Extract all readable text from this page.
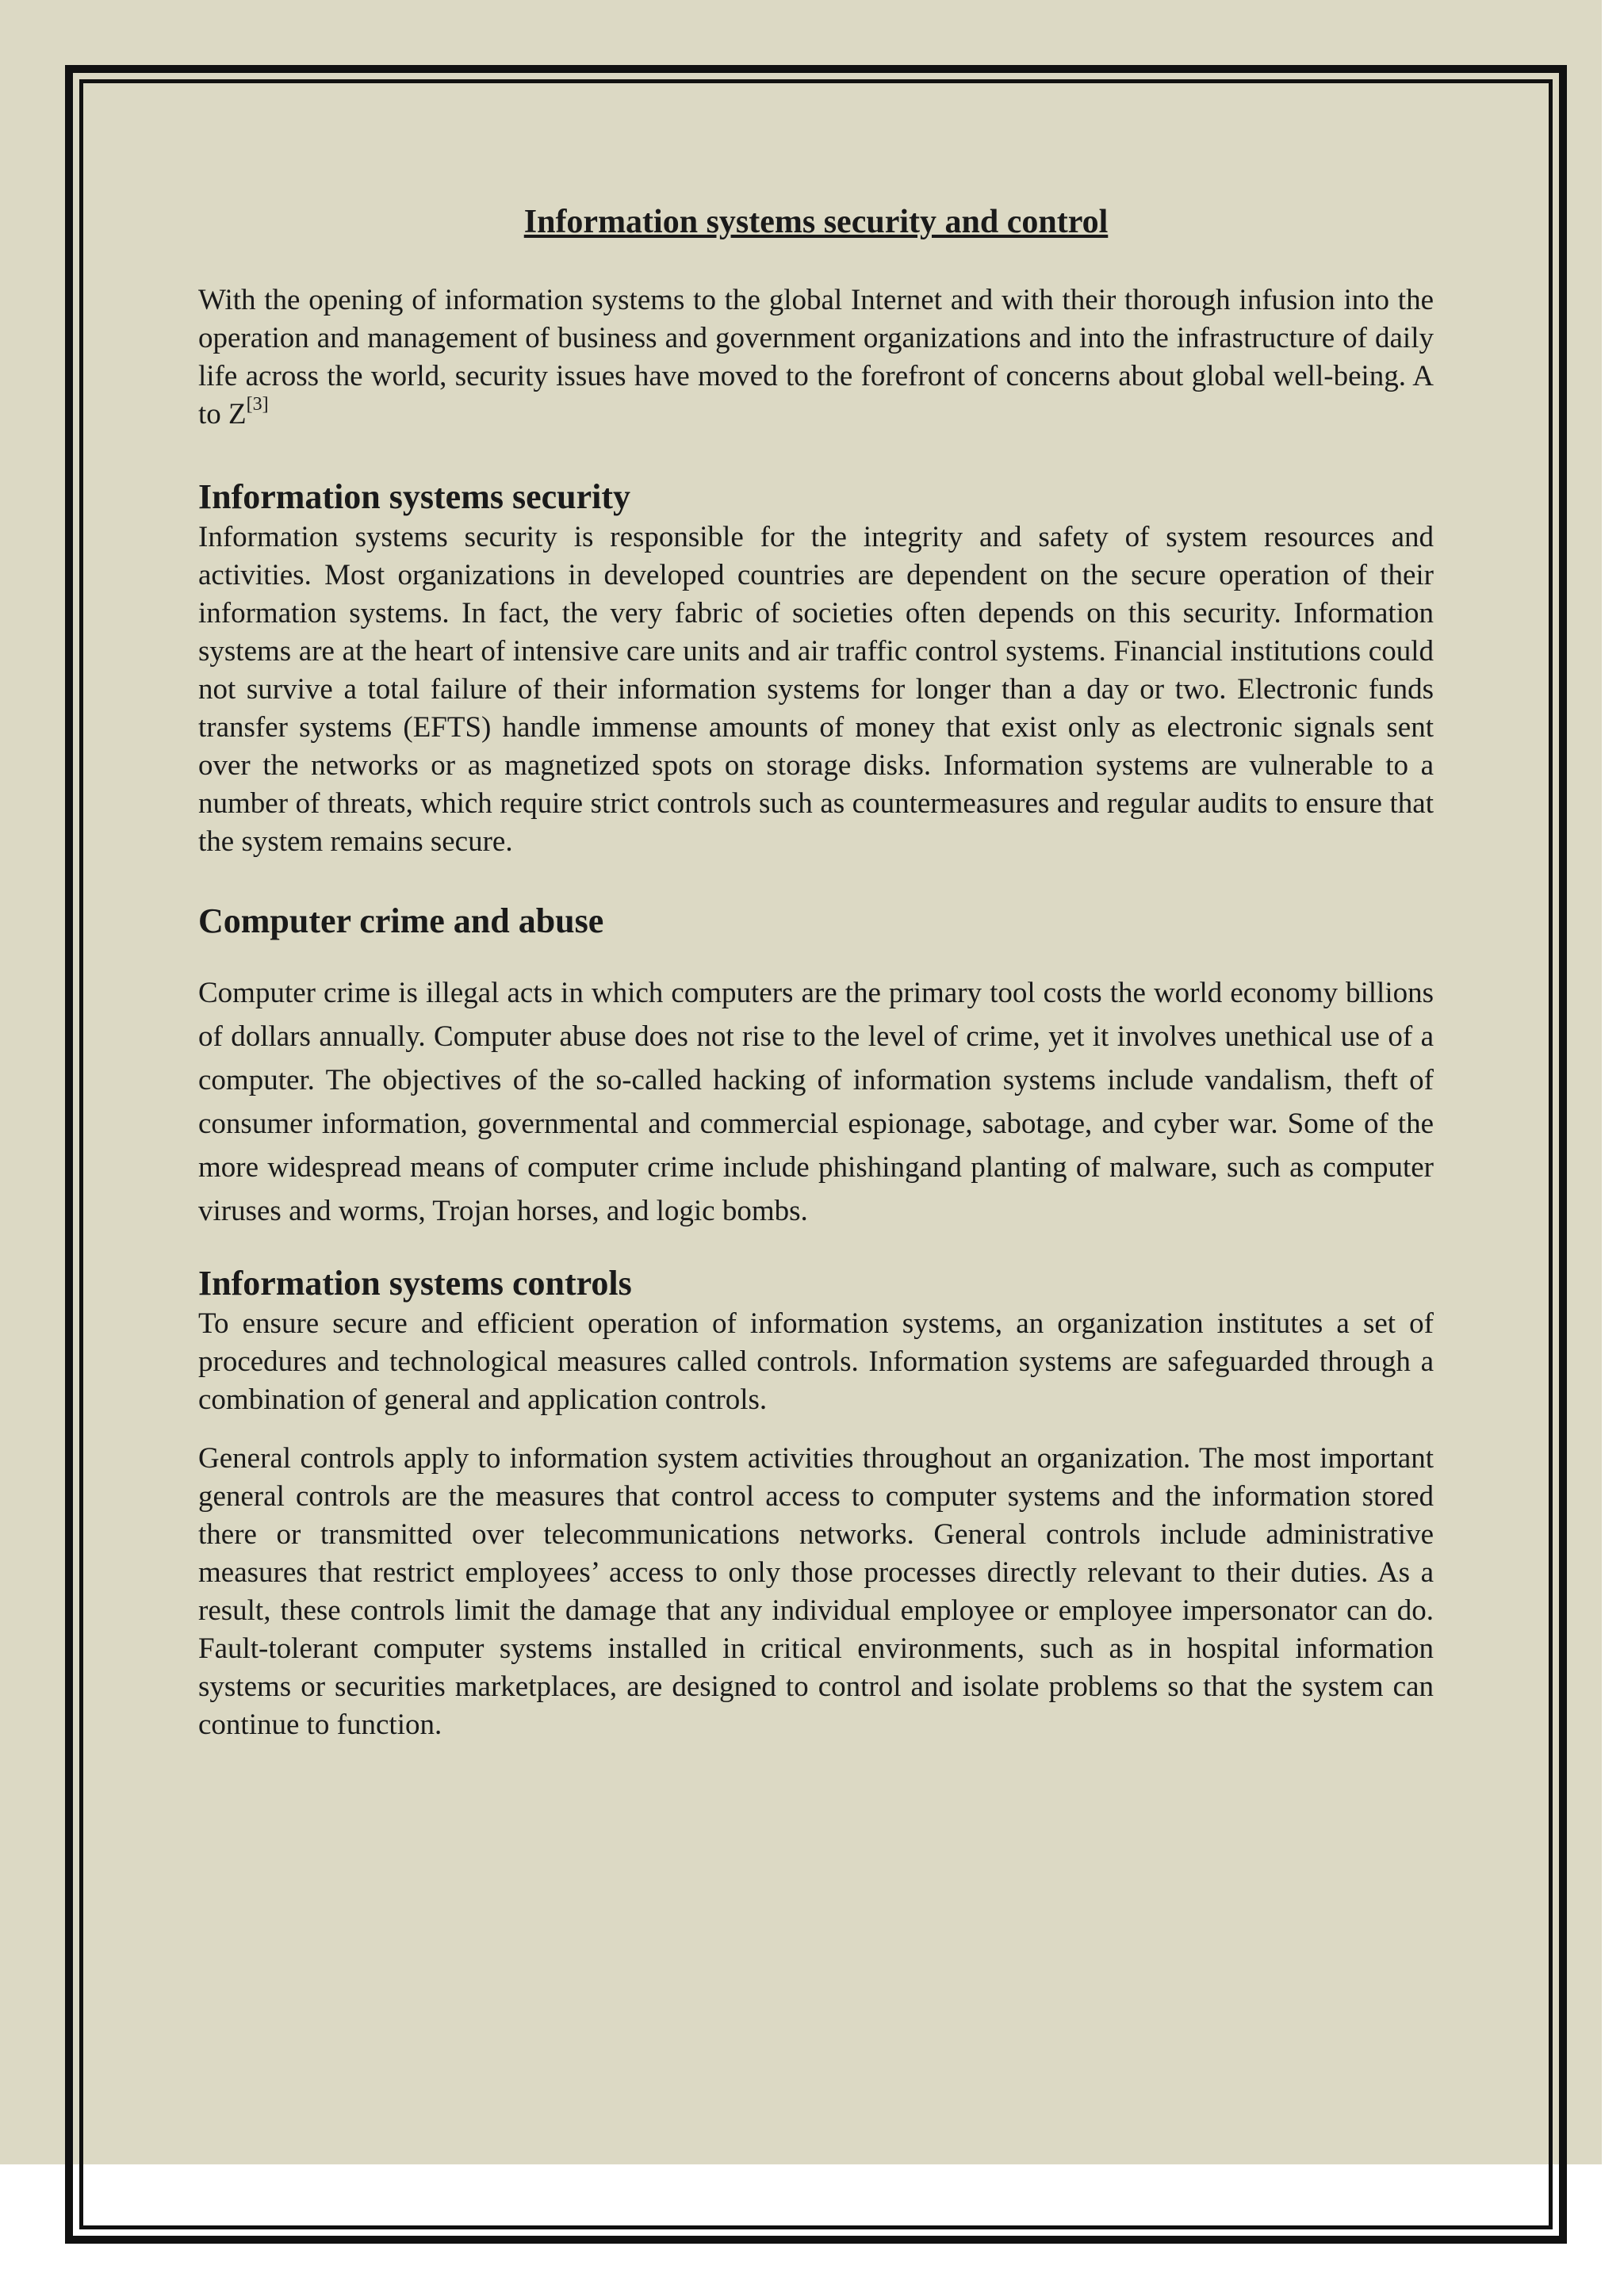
Information systems security and control

With the opening of information systems to the global Internet and with their thorough infusion into the operation and management of business and government organizations and into the infrastructure of daily life across the world, security issues have moved to the forefront of concerns about global well-being. A to Z[3]

Information systems security

Information systems security is responsible for the integrity and safety of system resources and activities. Most organizations in developed countries are dependent on the secure operation of their information systems. In fact, the very fabric of societies often depends on this security. Information systems are at the heart of intensive care units and air traffic control systems. Financial institutions could not survive a total failure of their information systems for longer than a day or two. Electronic funds transfer systems (EFTS) handle immense amounts of money that exist only as electronic signals sent over the networks or as magnetized spots on storage disks. Information systems are vulnerable to a number of threats, which require strict controls such as countermeasures and regular audits to ensure that the system remains secure.

Computer crime and abuse

Computer crime is illegal acts in which computers are the primary tool costs the world economy billions of dollars annually. Computer abuse does not rise to the level of crime, yet it involves unethical use of a computer. The objectives of the so-called hacking of information systems include vandalism, theft of consumer information, governmental and commercial espionage, sabotage, and cyber war. Some of the more widespread means of computer crime include phishingand planting of malware, such as computer viruses and worms, Trojan horses, and logic bombs.

Information systems controls

To ensure secure and efficient operation of information systems, an organization institutes a set of procedures and technological measures called controls. Information systems are safeguarded through a combination of general and application controls.

General controls apply to information system activities throughout an organization. The most important general controls are the measures that control access to computer systems and the information stored there or transmitted over telecommunications networks. General controls include administrative measures that restrict employees’ access to only those processes directly relevant to their duties. As a result, these controls limit the damage that any individual employee or employee impersonator can do. Fault-tolerant computer systems installed in critical environments, such as in hospital information systems or securities marketplaces, are designed to control and isolate problems so that the system can continue to function.
